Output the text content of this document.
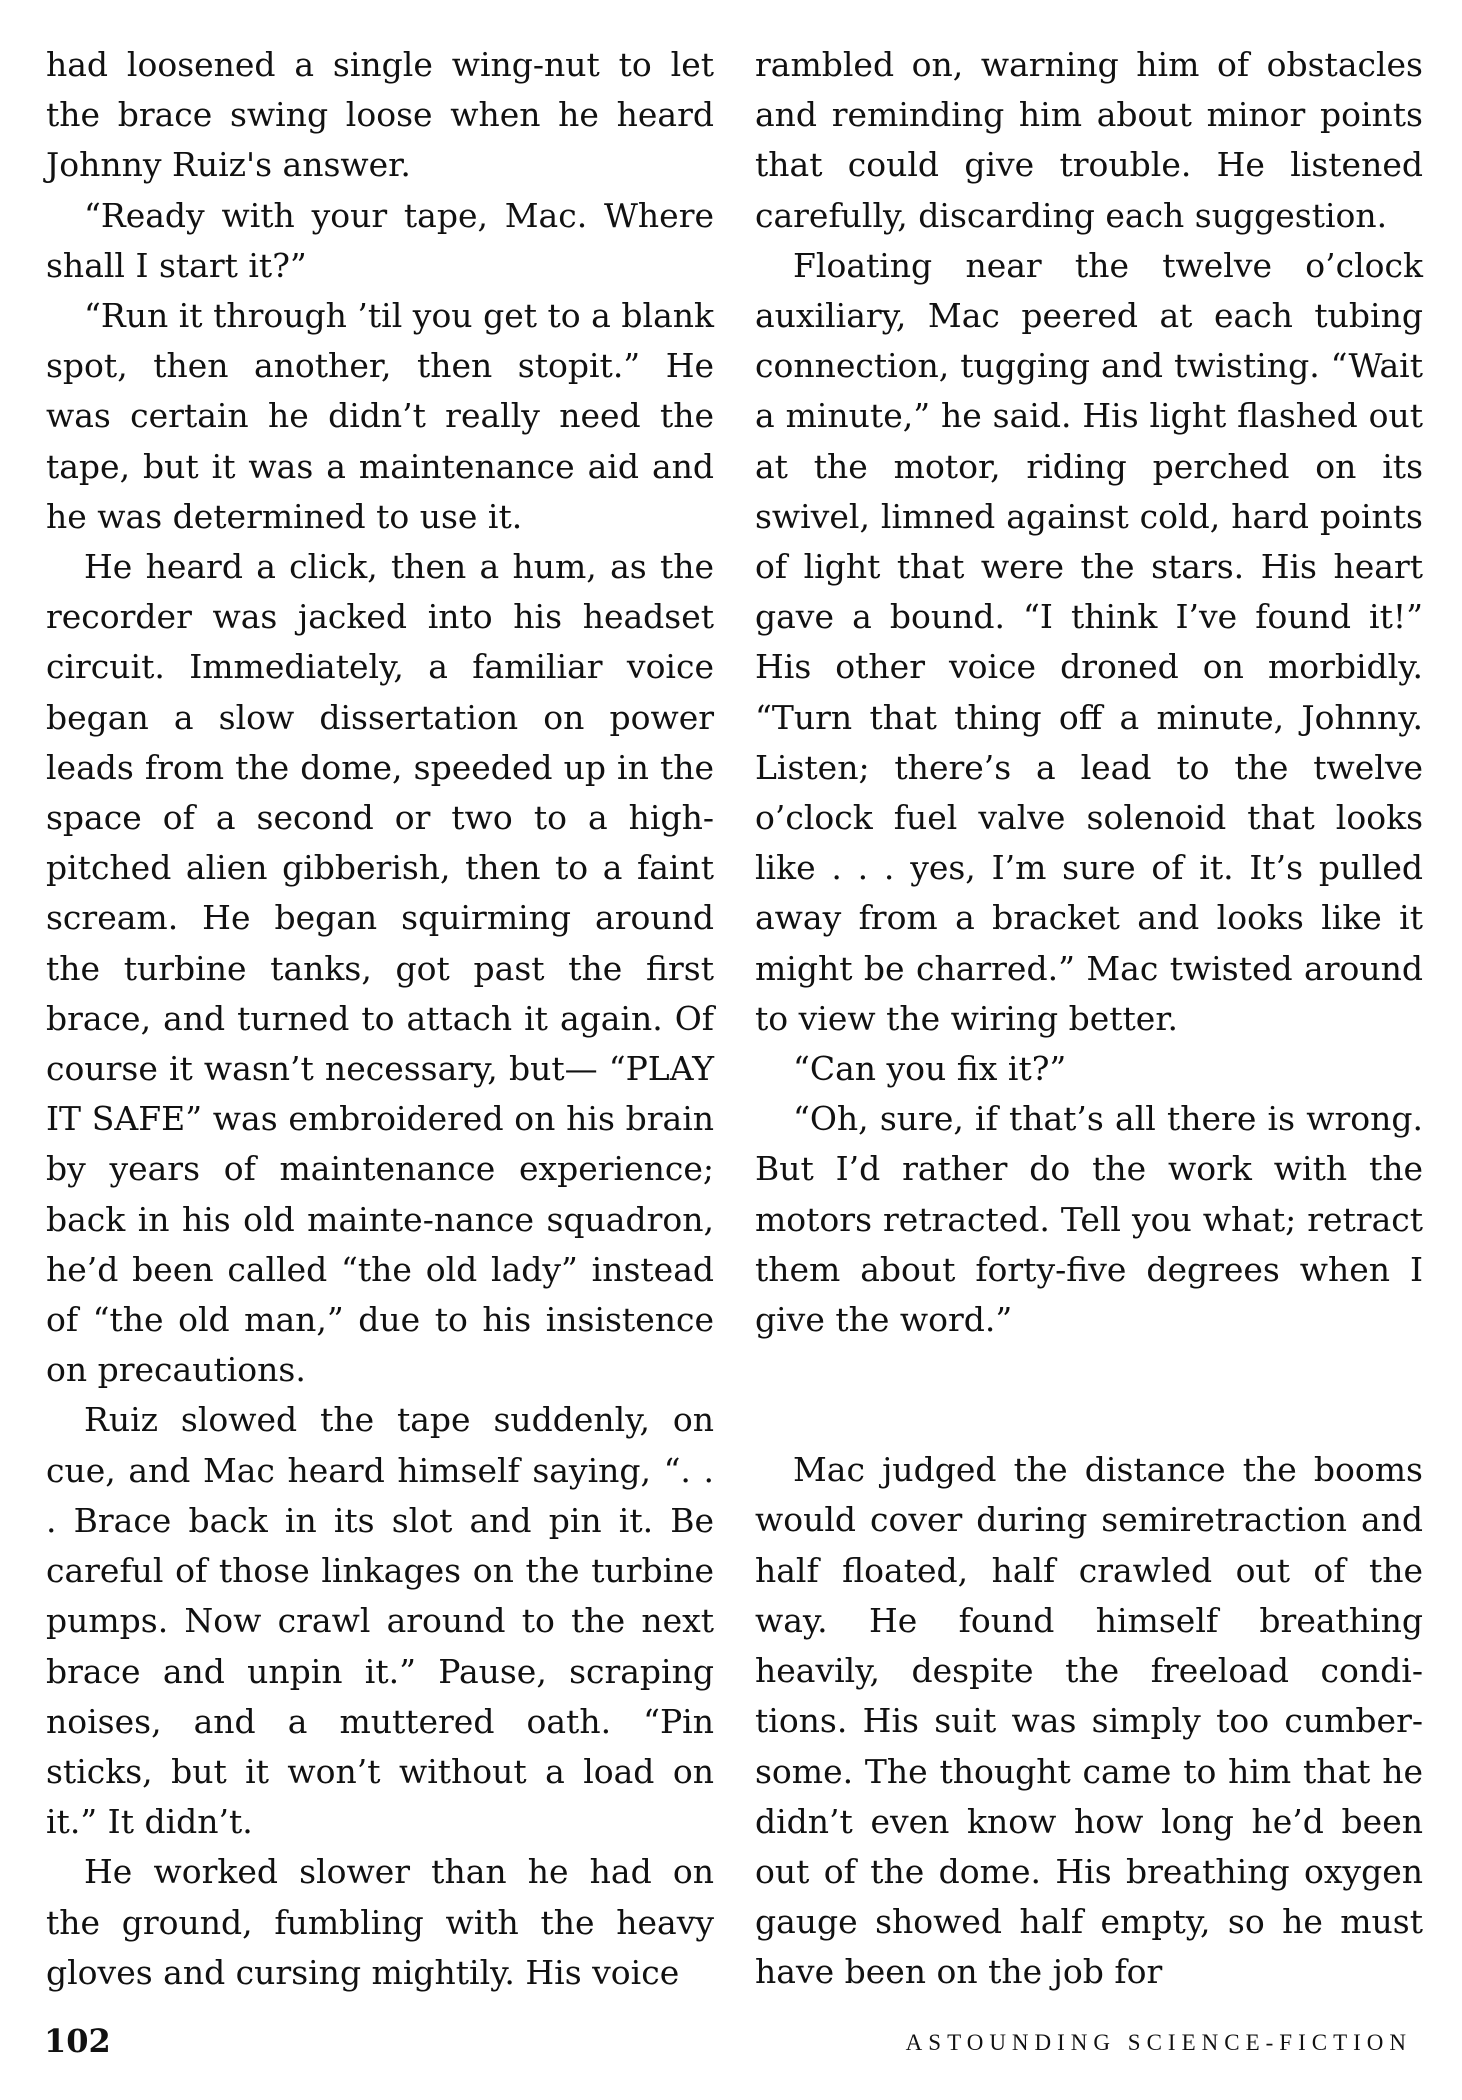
had loosened a single wing-nut to let the brace swing loose when he heard Johnny Ruiz's answer.

“Ready with your tape, Mac. Where shall I start it?”

“Run it through ’til you get to a blank spot, then another, then stopit.” He was certain he didn’t really need the tape, but it was a maintenance aid and he was determined to use it.

He heard a click, then a hum, as the recorder was jacked into his headset circuit. Immediately, a familiar voice began a slow dissertation on power leads from the dome, speeded up in the space of a second or two to a high-pitched alien gibberish, then to a faint scream. He began squirming around the turbine tanks, got past the first brace, and turned to attach it again. Of course it wasn’t necessary, but— “PLAY IT SAFE” was embroidered on his brain by years of maintenance experience; back in his old mainte-nance squadron, he’d been called “the old lady” instead of “the old man,” due to his insistence on precautions.

Ruiz slowed the tape suddenly, on cue, and Mac heard himself saying, “. . . Brace back in its slot and pin it. Be careful of those linkages on the turbine pumps. Now crawl around to the next brace and unpin it.” Pause, scraping noises, and a muttered oath. “Pin sticks, but it won’t without a load on it.” It didn’t.

He worked slower than he had on the ground, fumbling with the heavy gloves and cursing mightily. His voice

rambled on, warning him of obstacles and reminding him about minor points that could give trouble. He listened carefully, discarding each suggestion.

Floating near the twelve o’clock auxiliary, Mac peered at each tubing connection, tugging and twisting. “Wait a minute,” he said. His light flashed out at the motor, riding perched on its swivel, limned against cold, hard points of light that were the stars. His heart gave a bound. “I think I’ve found it!” His other voice droned on morbidly. “Turn that thing off a minute, Johnny. Listen; there’s a lead to the twelve o’clock fuel valve solenoid that looks like . . . yes, I’m sure of it. It’s pulled away from a bracket and looks like it might be charred.” Mac twisted around to view the wiring better.

“Can you fix it?”

“Oh, sure, if that’s all there is wrong. But I’d rather do the work with the motors retracted. Tell you what; retract them about forty-five degrees when I give the word.”

Mac judged the distance the booms would cover during semiretraction and half floated, half crawled out of the way. He found himself breathing heavily, despite the freeload condi-tions. His suit was simply too cumber-some. The thought came to him that he didn’t even know how long he’d been out of the dome. His breathing oxygen gauge showed half empty, so he must have been on the job for

102	ASTOUNDING SCIENCE-FICTION
